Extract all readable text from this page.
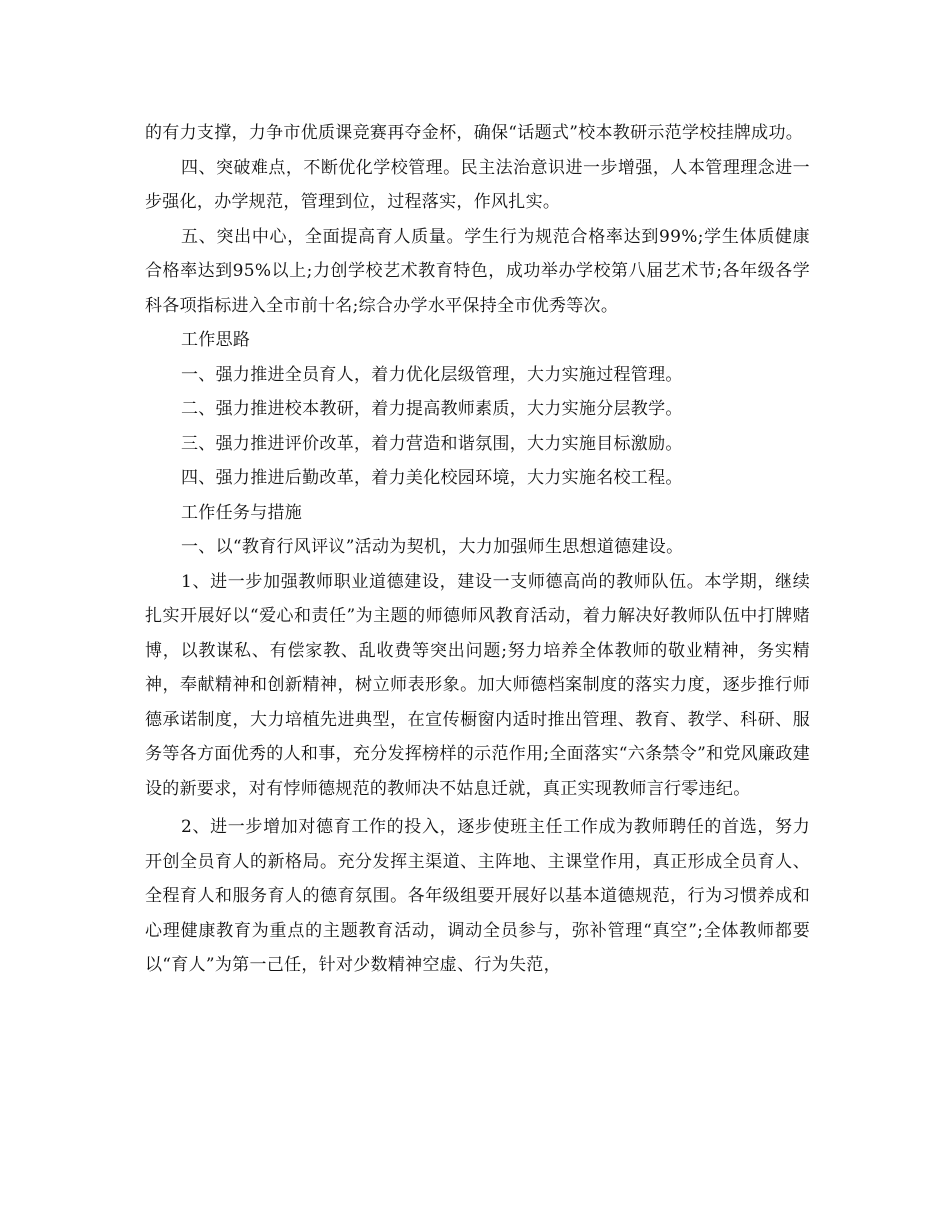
的有力支撑，力争市优质课竞赛再夺金杯，确保“话题式”校本教研示范学校挂牌成功。

四、突破难点，不断优化学校管理。民主法治意识进一步增强，人本管理理念进一步强化，办学规范，管理到位，过程落实，作风扎实。

五、突出中心，全面提高育人质量。学生行为规范合格率达到99%;学生体质健康合格率达到95%以上;力创学校艺术教育特色，成功举办学校第八届艺术节;各年级各学科各项指标进入全市前十名;综合办学水平保持全市优秀等次。

工作思路

一、强力推进全员育人，着力优化层级管理，大力实施过程管理。

二、强力推进校本教研，着力提高教师素质，大力实施分层教学。

三、强力推进评价改革，着力营造和谐氛围，大力实施目标激励。

四、强力推进后勤改革，着力美化校园环境，大力实施名校工程。

工作任务与措施

一、以“教育行风评议”活动为契机，大力加强师生思想道德建设。

1、进一步加强教师职业道德建设，建设一支师德高尚的教师队伍。本学期，继续扎实开展好以“爱心和责任”为主题的师德师风教育活动，着力解决好教师队伍中打牌赌博，以教谋私、有偿家教、乱收费等突出问题;努力培养全体教师的敬业精神，务实精神，奉献精神和创新精神，树立师表形象。加大师德档案制度的落实力度，逐步推行师德承诺制度，大力培植先进典型，在宣传橱窗内适时推出管理、教育、教学、科研、服务等各方面优秀的人和事，充分发挥榜样的示范作用;全面落实“六条禁令”和党风廉政建设的新要求，对有悖师德规范的教师决不姑息迁就，真正实现教师言行零违纪。

2、进一步增加对德育工作的投入，逐步使班主任工作成为教师聘任的首选，努力开创全员育人的新格局。充分发挥主渠道、主阵地、主课堂作用，真正形成全员育人、全程育人和服务育人的德育氛围。各年级组要开展好以基本道德规范，行为习惯养成和心理健康教育为重点的主题教育活动，调动全员参与，弥补管理“真空”;全体教师都要以“育人”为第一己任，针对少数精神空虚、行为失范，
